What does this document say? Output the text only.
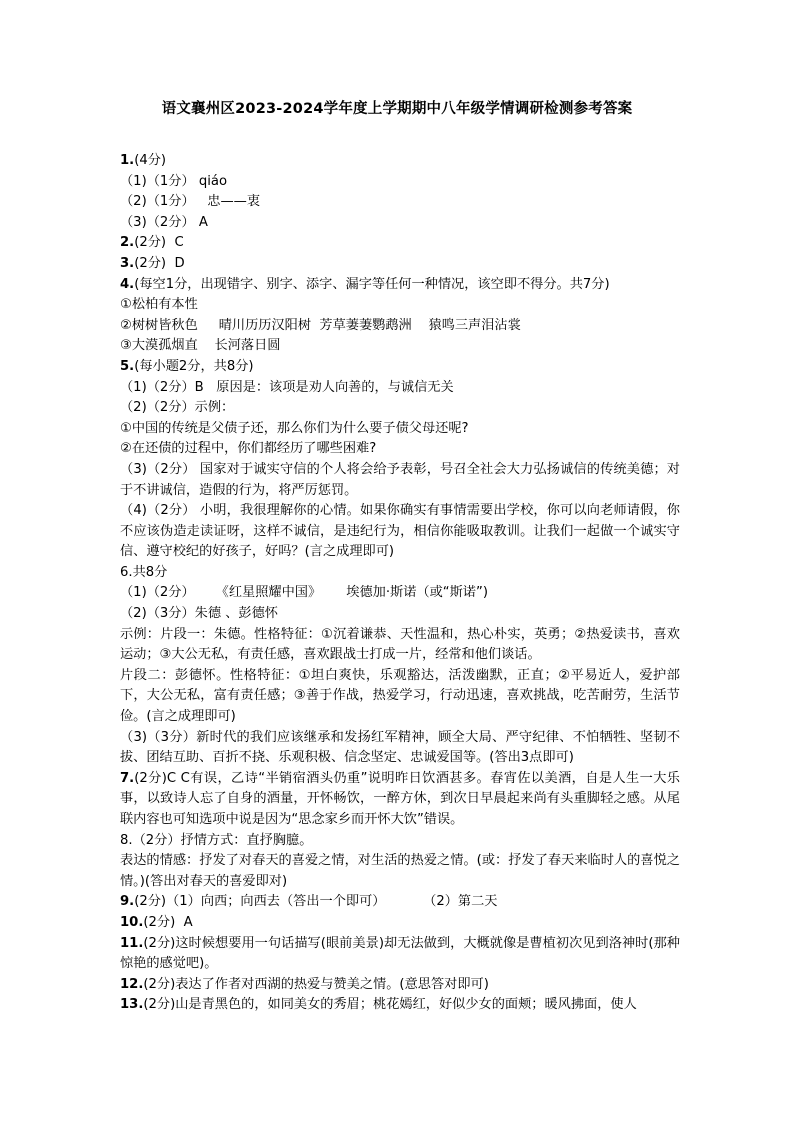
语文襄州区2023-2024学年度上学期期中八年级学情调研检测参考答案
1.(4分)
（1)（1分） qiáo
（2)（1分）   忠——衷
（3)（2分） A
2.(2分)  C
3.(2分)  D
4.(每空1分，出现错字、别字、添字、漏字等任何一种情况，该空即不得分。共7分)
①松柏有本性
②树树皆秋色     晴川历历汉阳树  芳草萋萋鹦鹉洲    猿鸣三声泪沾裳
③大漠孤烟直    长河落日圆
5.(每小题2分，共8分)
（1)（2分）B   原因是：该项是劝人向善的，与诚信无关
（2)（2分）示例：
①中国的传统是父债子还，那么你们为什么要子债父母还呢?
②在还债的过程中，你们都经历了哪些困难?
（3)（2分） 国家对于诚实守信的个人将会给予表彰，号召全社会大力弘扬诚信的传统美德；对于不讲诚信，造假的行为，将严厉惩罚。
（4)（2分） 小明，我很理解你的心情。如果你确实有事情需要出学校，你可以向老师请假，你不应该伪造走读证呀，这样不诚信，是违纪行为，相信你能吸取教训。让我们一起做一个诚实守信、遵守校纪的好孩子，好吗？(言之成理即可)
6.共8分
（1)（2分）     《红星照耀中国》      埃德加·斯诺（或“斯诺”)
（2)（3分）朱德 、彭德怀
示例：片段一：朱德。性格特征：①沉着谦恭、天性温和，热心朴实，英勇；②热爱读书，喜欢运动；③大公无私，有责任感，喜欢跟战士打成一片，经常和他们谈话。
片段二：彭德怀。性格特征：①坦白爽快，乐观豁达，活泼幽默，正直；②平易近人，爱护部下，大公无私，富有责任感；③善于作战，热爱学习，行动迅速，喜欢挑战，吃苦耐劳，生活节俭。(言之成理即可)
（3)（3分）新时代的我们应该继承和发扬红军精神，顾全大局、严守纪律、不怕牺牲、坚韧不拔、团结互助、百折不挠、乐观积极、信念坚定、忠诚爱国等。(答出3点即可)
7.(2分)C C有误，乙诗“半销宿酒头仍重”说明昨日饮酒甚多。春宵佐以美酒，自是人生一大乐事，以致诗人忘了自身的酒量，开怀畅饮，一醉方休，到次日早晨起来尚有头重脚轻之感。从尾联内容也可知选项中说是因为“思念家乡而开怀大饮”错误。
8.（2分）抒情方式：直抒胸臆。
表达的情感：抒发了对春天的喜爱之情，对生活的热爱之情。(或：抒发了春天来临时人的喜悦之情。)(答出对春天的喜爱即对)
9.(2分)（1）向西；向西去（答出一个即可）         （2）第二天
10.(2分)  A
11.(2分)这时候想要用一句话描写(眼前美景)却无法做到，大概就像是曹植初次见到洛神时(那种惊艳的感觉吧)。
12.(2分)表达了作者对西湖的热爱与赞美之情。(意思答对即可)
13.(2分)山是青黑色的，如同美女的秀眉；桃花嫣红，好似少女的面颊；暖风拂面，使人
